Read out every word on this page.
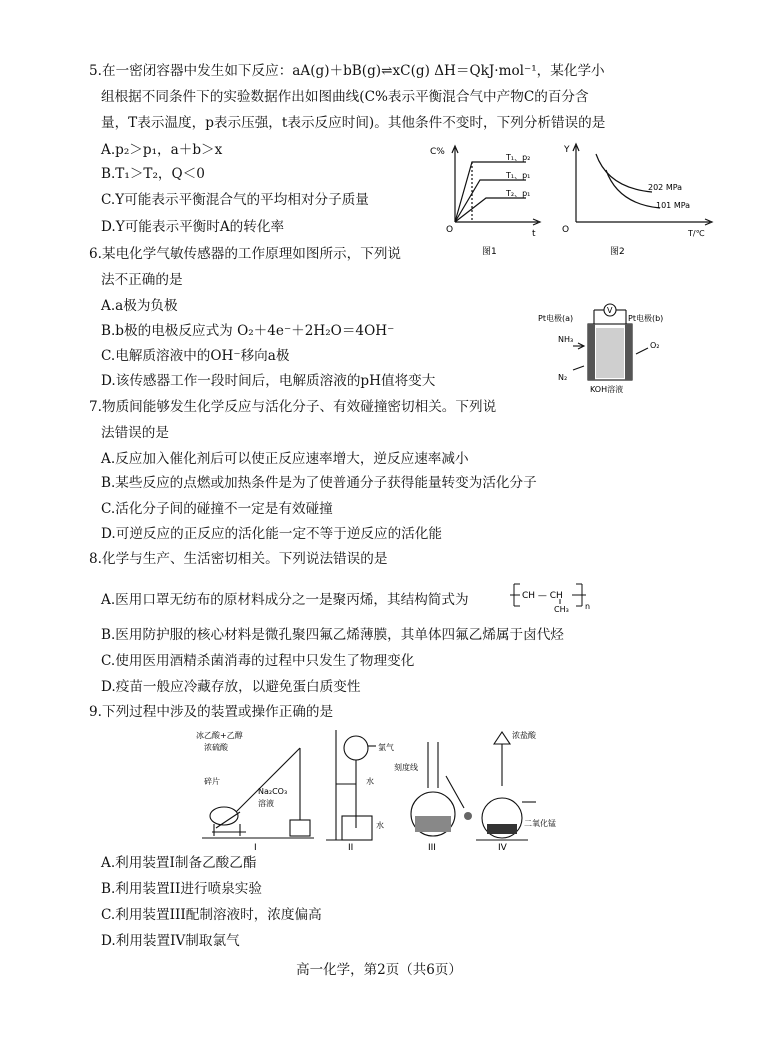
5.在一密闭容器中发生如下反应：aA(g)＋bB(g)⇌xC(g) ΔH＝QkJ·mol⁻¹，某化学小
组根据不同条件下的实验数据作出如图曲线(C%表示平衡混合气中产物C的百分含
量，T表示温度，p表示压强，t表示反应时间)。其他条件不变时，下列分析错误的是
A.p₂＞p₁，a＋b＞x
B.T₁＞T₂，Q＜0
C.Y可能表示平衡混合气的平均相对分子质量
D.Y可能表示平衡时A的转化率
C%
T₁、p₂
T₁、p₁
T₂、p₁
O	t
图1
Y
202 MPa
101 MPa
O	T/℃
图2
6.某电化学气敏传感器的工作原理如图所示，下列说
法不正确的是
A.a极为负极
B.b极的电极反应式为 O₂＋4e⁻＋2H₂O＝4OH⁻
C.电解质溶液中的OH⁻移向a极
D.该传感器工作一段时间后，电解质溶液的pH值将变大
V
Pt电极(a)	Pt电极(b)
NH₃
N₂
O₂
KOH溶液
7.物质间能够发生化学反应与活化分子、有效碰撞密切相关。下列说
法错误的是
A.反应加入催化剂后可以使正反应速率增大，逆反应速率减小
B.某些反应的点燃或加热条件是为了使普通分子获得能量转变为活化分子
C.活化分子间的碰撞不一定是有效碰撞
D.可逆反应的正反应的活化能一定不等于逆反应的活化能
8.化学与生产、生活密切相关。下列说法错误的是
A.医用口罩无纺布的原材料成分之一是聚丙烯，其结构简式为	CH — CH
CH₃ n
B.医用防护服的核心材料是微孔聚四氟乙烯薄膜，其单体四氟乙烯属于卤代烃
C.使用医用酒精杀菌消毒的过程中只发生了物理变化
D.疫苗一般应冷藏存放，以避免蛋白质变性
9.下列过程中涉及的装置或操作正确的是
冰乙酸+乙醇
浓硫酸
碎片
Na₂CO₃
溶液
氯气
水
水
刻度线
浓盐酸
二氧化锰
I	II	III	IV
A.利用装置I制备乙酸乙酯
B.利用装置II进行喷泉实验
C.利用装置III配制溶液时，浓度偏高
D.利用装置IV制取氯气
高一化学，第2页（共6页）
